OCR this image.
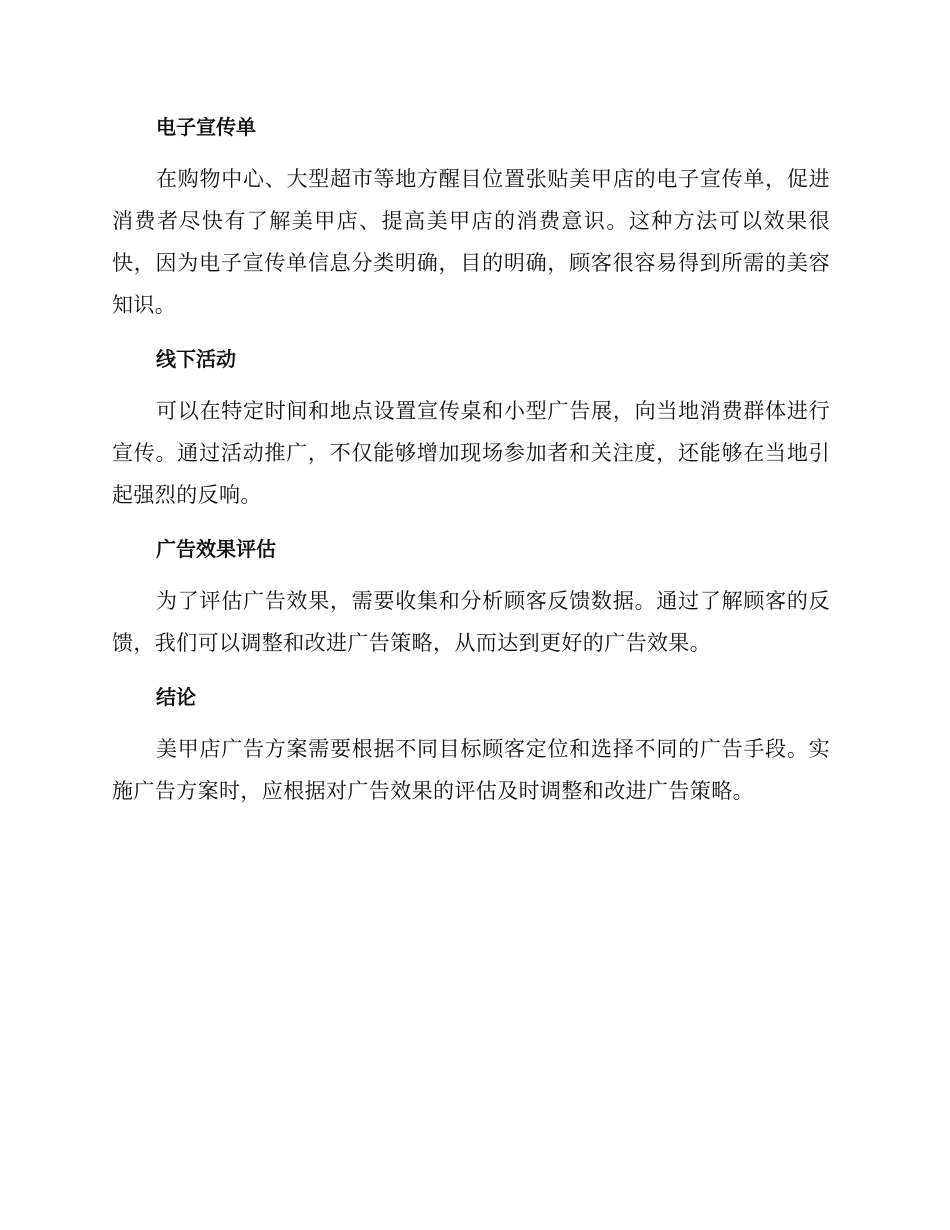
电子宣传单

在购物中心、大型超市等地方醒目位置张贴美甲店的电子宣传单，促进消费者尽快有了解美甲店、提高美甲店的消费意识。这种方法可以效果很快，因为电子宣传单信息分类明确，目的明确，顾客很容易得到所需的美容知识。

线下活动

可以在特定时间和地点设置宣传桌和小型广告展，向当地消费群体进行宣传。通过活动推广，不仅能够增加现场参加者和关注度，还能够在当地引起强烈的反响。

广告效果评估

为了评估广告效果，需要收集和分析顾客反馈数据。通过了解顾客的反馈，我们可以调整和改进广告策略，从而达到更好的广告效果。

结论

美甲店广告方案需要根据不同目标顾客定位和选择不同的广告手段。实施广告方案时，应根据对广告效果的评估及时调整和改进广告策略。
